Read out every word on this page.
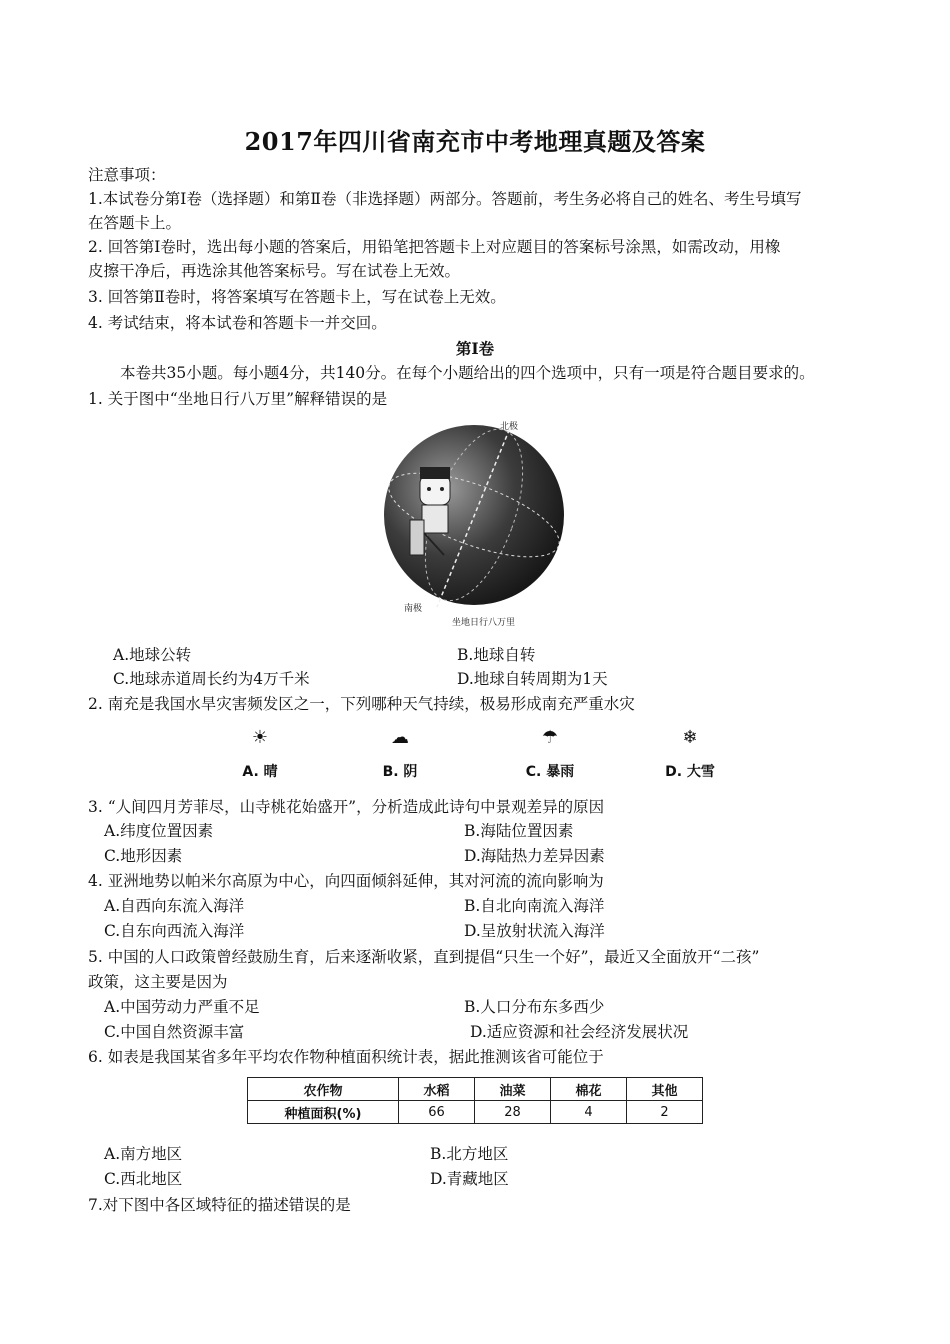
2017年四川省南充市中考地理真题及答案
注意事项：
1.本试卷分第Ⅰ卷（选择题）和第Ⅱ卷（非选择题）两部分。答题前，考生务必将自己的姓名、考生号填写
在答题卡上。
2. 回答第Ⅰ卷时，选出每小题的答案后，用铅笔把答题卡上对应题目的答案标号涂黑，如需改动，用橡
皮擦干净后，再选涂其他答案标号。写在试卷上无效。
3. 回答第Ⅱ卷时，将答案填写在答题卡上，写在试卷上无效。
4. 考试结束，将本试卷和答题卡一并交回。
第Ⅰ卷
本卷共35小题。每小题4分，共140分。在每个小题给出的四个选项中，只有一项是符合题目要求的。
1. 关于图中“坐地日行八万里”解释错误的是
北极
南极
坐地日行八万里
A.地球公转	B.地球自转
C.地球赤道周长约为4万千米	D.地球自转周期为1天
2. 南充是我国水旱灾害频发区之一，下列哪种天气持续，极易形成南充严重水灾
☀
A. 晴
☁
B. 阴
☂
C. 暴雨
❄
D. 大雪
3. “人间四月芳菲尽，山寺桃花始盛开”，分析造成此诗句中景观差异的原因
A.纬度位置因素	B.海陆位置因素
C.地形因素	D.海陆热力差异因素
4. 亚洲地势以帕米尔高原为中心，向四面倾斜延伸，其对河流的流向影响为
A.自西向东流入海洋	B.自北向南流入海洋
C.自东向西流入海洋	D.呈放射状流入海洋
5. 中国的人口政策曾经鼓励生育，后来逐渐收紧，直到提倡“只生一个好”，最近又全面放开“二孩”
政策，这主要是因为
A.中国劳动力严重不足	B.人口分布东多西少
C.中国自然资源丰富	D.适应资源和社会经济发展状况
6. 如表是我国某省多年平均农作物种植面积统计表，据此推测该省可能位于
农作物	水稻	油菜	棉花	其他
种植面积(%)	66	28	4	2
A.南方地区	B.北方地区
C.西北地区	D.青藏地区
7.对下图中各区域特征的描述错误的是
